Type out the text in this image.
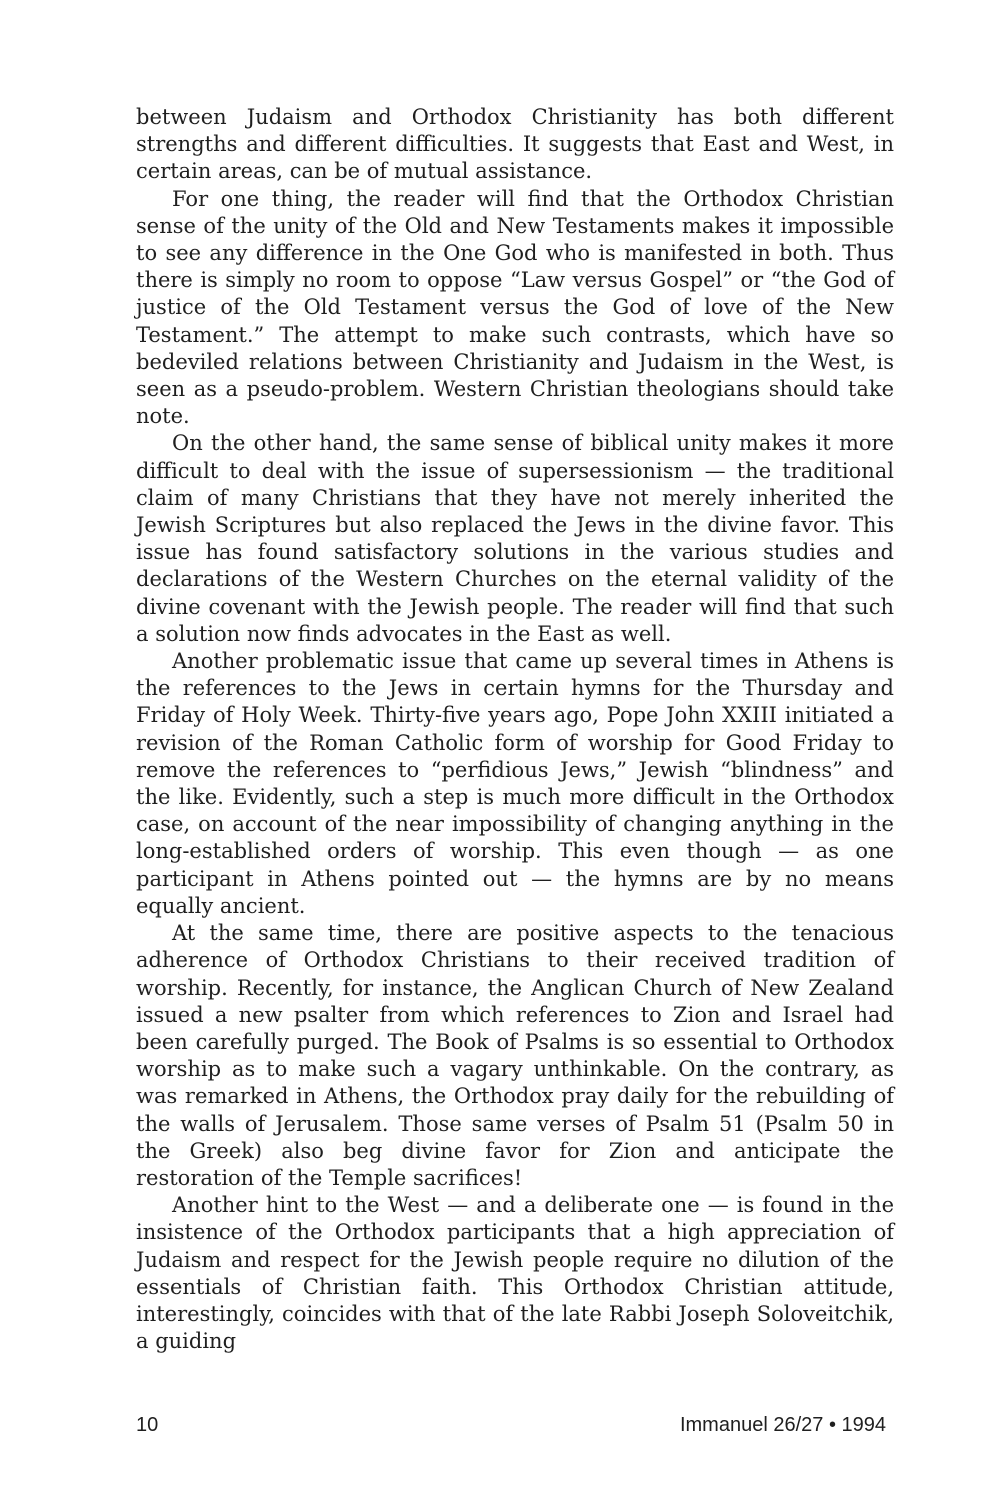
between Judaism and Orthodox Christianity has both different strengths and different difficulties. It suggests that East and West, in certain areas, can be of mutual assistance.

For one thing, the reader will find that the Orthodox Christian sense of the unity of the Old and New Testaments makes it impossible to see any difference in the One God who is manifested in both. Thus there is simply no room to oppose “Law versus Gospel” or “the God of justice of the Old Testament versus the God of love of the New Testament.” The attempt to make such contrasts, which have so bedeviled relations between Christianity and Judaism in the West, is seen as a pseudo-problem. Western Christian theologians should take note.

On the other hand, the same sense of biblical unity makes it more difficult to deal with the issue of supersessionism — the traditional claim of many Christians that they have not merely inherited the Jewish Scriptures but also replaced the Jews in the divine favor. This issue has found satisfactory solutions in the various studies and declarations of the Western Churches on the eternal validity of the divine covenant with the Jewish people. The reader will find that such a solution now finds advocates in the East as well.

Another problematic issue that came up several times in Athens is the references to the Jews in certain hymns for the Thursday and Friday of Holy Week. Thirty-five years ago, Pope John XXIII initiated a revision of the Roman Catholic form of worship for Good Friday to remove the references to “perfidious Jews,” Jewish “blindness” and the like. Evidently, such a step is much more difficult in the Orthodox case, on account of the near impossibility of changing anything in the long-established orders of worship. This even though — as one participant in Athens pointed out — the hymns are by no means equally ancient.

At the same time, there are positive aspects to the tenacious adherence of Orthodox Christians to their received tradition of worship. Recently, for instance, the Anglican Church of New Zealand issued a new psalter from which references to Zion and Israel had been carefully purged. The Book of Psalms is so essential to Orthodox worship as to make such a vagary unthinkable. On the contrary, as was remarked in Athens, the Orthodox pray daily for the rebuilding of the walls of Jerusalem. Those same verses of Psalm 51 (Psalm 50 in the Greek) also beg divine favor for Zion and anticipate the restoration of the Temple sacrifices!

Another hint to the West — and a deliberate one — is found in the insistence of the Orthodox participants that a high appreciation of Judaism and respect for the Jewish people require no dilution of the essentials of Christian faith. This Orthodox Christian attitude, interestingly, coincides with that of the late Rabbi Joseph Soloveitchik, a guiding

10	Immanuel 26/27 • 1994
